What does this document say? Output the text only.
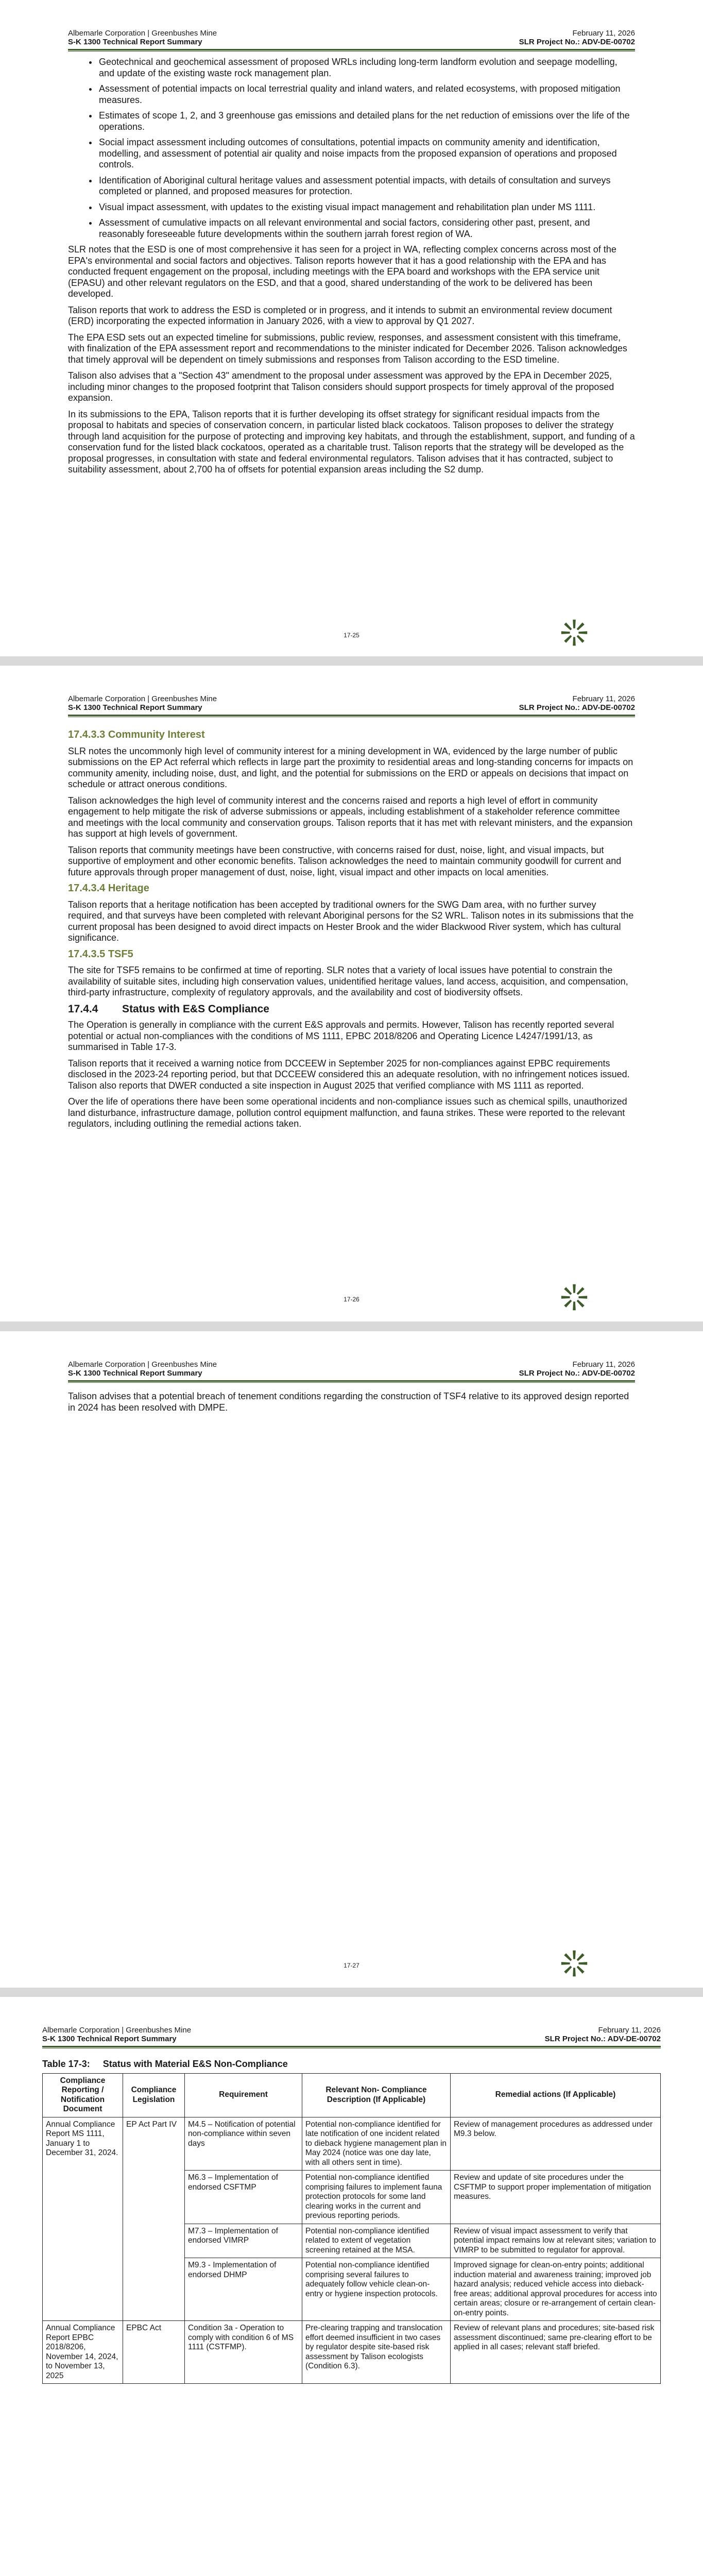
Albemarle Corporation | Greenbushes Mine
S-K 1300 Technical Report Summary
February 11, 2026
SLR Project No.: ADV-DE-00702
• Geotechnical and geochemical assessment of proposed WRLs including long-term landform evolution and seepage modelling, and update of the existing waste rock management plan.
• Assessment of potential impacts on local terrestrial quality and inland waters, and related ecosystems, with proposed mitigation measures.
• Estimates of scope 1, 2, and 3 greenhouse gas emissions and detailed plans for the net reduction of emissions over the life of the operations.
• Social impact assessment including outcomes of consultations, potential impacts on community amenity and identification, modelling, and assessment of potential air quality and noise impacts from the proposed expansion of operations and proposed controls.
• Identification of Aboriginal cultural heritage values and assessment potential impacts, with details of consultation and surveys completed or planned, and proposed measures for protection.
• Visual impact assessment, with updates to the existing visual impact management and rehabilitation plan under MS 1111.
• Assessment of cumulative impacts on all relevant environmental and social factors, considering other past, present, and reasonably foreseeable future developments within the southern jarrah forest region of WA.

SLR notes that the ESD is one of most comprehensive it has seen for a project in WA, reflecting complex concerns across most of the EPA's environmental and social factors and objectives. Talison reports however that it has a good relationship with the EPA and has conducted frequent engagement on the proposal, including meetings with the EPA board and workshops with the EPA service unit (EPASU) and other relevant regulators on the ESD, and that a good, shared understanding of the work to be delivered has been developed.

Talison reports that work to address the ESD is completed or in progress, and it intends to submit an environmental review document (ERD) incorporating the expected information in January 2026, with a view to approval by Q1 2027.

The EPA ESD sets out an expected timeline for submissions, public review, responses, and assessment consistent with this timeframe, with finalization of the EPA assessment report and recommendations to the minister indicated for December 2026. Talison acknowledges that timely approval will be dependent on timely submissions and responses from Talison according to the ESD timeline.

Talison also advises that a "Section 43" amendment to the proposal under assessment was approved by the EPA in December 2025, including minor changes to the proposed footprint that Talison considers should support prospects for timely approval of the proposed expansion.

In its submissions to the EPA, Talison reports that it is further developing its offset strategy for significant residual impacts from the proposal to habitats and species of conservation concern, in particular listed black cockatoos. Talison proposes to deliver the strategy through land acquisition for the purpose of protecting and improving key habitats, and through the establishment, support, and funding of a conservation fund for the listed black cockatoos, operated as a charitable trust. Talison reports that the strategy will be developed as the proposal progresses, in consultation with state and federal environmental regulators. Talison advises that it has contracted, subject to suitability assessment, about 2,700 ha of offsets for potential expansion areas including the S2 dump.

17-25
Albemarle Corporation | Greenbushes Mine
S-K 1300 Technical Report Summary
February 11, 2026
SLR Project No.: ADV-DE-00702
17.4.3.3 Community Interest

SLR notes the uncommonly high level of community interest for a mining development in WA, evidenced by the large number of public submissions on the EP Act referral which reflects in large part the proximity to residential areas and long-standing concerns for impacts on community amenity, including noise, dust, and light, and the potential for submissions on the ERD or appeals on decisions that impact on schedule or attract onerous conditions.

Talison acknowledges the high level of community interest and the concerns raised and reports a high level of effort in community engagement to help mitigate the risk of adverse submissions or appeals, including establishment of a stakeholder reference committee and meetings with the local community and conservation groups. Talison reports that it has met with relevant ministers, and the expansion has support at high levels of government.

Talison reports that community meetings have been constructive, with concerns raised for dust, noise, light, and visual impacts, but supportive of employment and other economic benefits. Talison acknowledges the need to maintain community goodwill for current and future approvals through proper management of dust, noise, light, visual impact and other impacts on local amenities.

17.4.3.4 Heritage

Talison reports that a heritage notification has been accepted by traditional owners for the SWG Dam area, with no further survey required, and that surveys have been completed with relevant Aboriginal persons for the S2 WRL. Talison notes in its submissions that the current proposal has been designed to avoid direct impacts on Hester Brook and the wider Blackwood River system, which has cultural significance.

17.4.3.5 TSF5

The site for TSF5 remains to be confirmed at time of reporting. SLR notes that a variety of local issues have potential to constrain the availability of suitable sites, including high conservation values, unidentified heritage values, land access, acquisition, and compensation, third-party infrastructure, complexity of regulatory approvals, and the availability and cost of biodiversity offsets.

17.4.4        Status with E&S Compliance

The Operation is generally in compliance with the current E&S approvals and permits. However, Talison has recently reported several potential or actual non-compliances with the conditions of MS 1111, EPBC 2018/8206 and Operating Licence L4247/1991/13, as summarised in Table 17-3.

Talison reports that it received a warning notice from DCCEEW in September 2025 for non-compliances against EPBC requirements disclosed in the 2023-24 reporting period, but that DCCEEW considered this an adequate resolution, with no infringement notices issued. Talison also reports that DWER conducted a site inspection in August 2025 that verified compliance with MS 1111 as reported.

Over the life of operations there have been some operational incidents and non-compliance issues such as chemical spills, unauthorized land disturbance, infrastructure damage, pollution control equipment malfunction, and fauna strikes. These were reported to the relevant regulators, including outlining the remedial actions taken.

17-26
Albemarle Corporation | Greenbushes Mine
S-K 1300 Technical Report Summary
February 11, 2026
SLR Project No.: ADV-DE-00702

Talison advises that a potential breach of tenement conditions regarding the construction of TSF4 relative to its approved design reported in 2024 has been resolved with DMPE.

17-27
Albemarle Corporation | Greenbushes Mine
S-K 1300 Technical Report Summary
February 11, 2026
SLR Project No.: ADV-DE-00702
Table 17-3:     Status with Material E&S Non-Compliance
Compliance Reporting / Notification Document	Compliance Legislation	Requirement	Relevant Non- Compliance Description (If Applicable)	Remedial actions (If Applicable)
Annual Compliance Report MS 1111, January 1 to December 31, 2024.	EP Act Part IV	M4.5 – Notification of potential non-compliance within seven days	Potential non-compliance identified for late notification of one incident related to dieback hygiene management plan in May 2024 (notice was one day late, with all others sent in time).	Review of management procedures as addressed under M9.3 below.
		M6.3 – Implementation of endorsed CSFTMP	Potential non-compliance identified comprising failures to implement fauna protection protocols for some land clearing works in the current and previous reporting periods.	Review and update of site procedures under the CSFTMP to support proper implementation of mitigation measures.
		M7.3 – Implementation of endorsed VIMRP	Potential non-compliance identified related to extent of vegetation screening retained at the MSA.	Review of visual impact assessment to verify that potential impact remains low at relevant sites; variation to VIMRP to be submitted to regulator for approval.
		M9.3 - Implementation of endorsed DHMP	Potential non-compliance identified comprising several failures to adequately follow vehicle clean-on-entry or hygiene inspection protocols.	Improved signage for clean-on-entry points; additional induction material and awareness training; improved job hazard analysis; reduced vehicle access into dieback-free areas; additional approval procedures for access into certain areas; closure or re-arrangement of certain clean-on-entry points.
Annual Compliance Report EPBC 2018/8206, November 14, 2024, to November 13, 2025	EPBC Act	Condition 3a - Operation to comply with condition 6 of MS 1111 (CSTFMP).	Pre-clearing trapping and translocation effort deemed insufficient in two cases by regulator despite site-based risk assessment by Talison ecologists (Condition 6.3).	Review of relevant plans and procedures; site-based risk assessment discontinued; same pre-clearing effort to be applied in all cases; relevant staff briefed.
